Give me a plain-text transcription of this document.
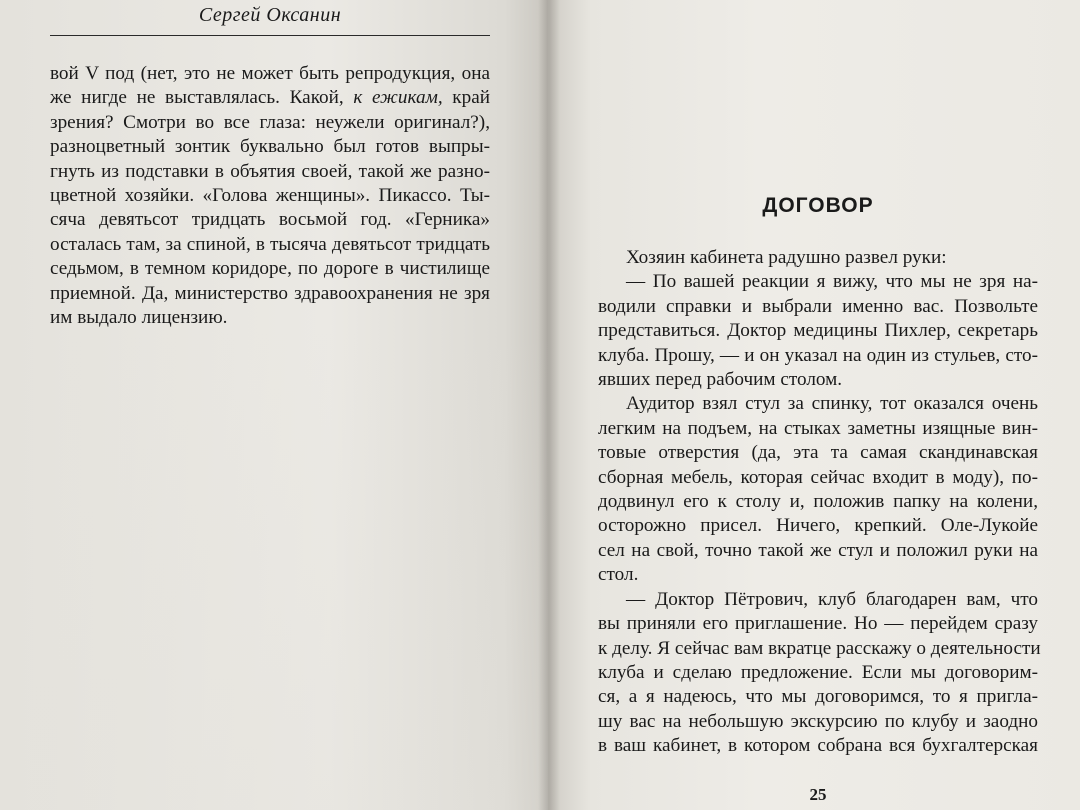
Сергей Оксанин
вой V под (нет, это не может быть репродукция, она
же нигде не выставлялась. Какой, к ежикам, край
зрения? Смотри во все глаза: неужели оригинал?),
разноцветный зонтик буквально был готов выпры-
гнуть из подставки в объятия своей, такой же разно-
цветной хозяйки. «Голова женщины». Пикассо. Ты-
сяча девятьсот тридцать восьмой год. «Герника»
осталась там, за спиной, в тысяча девятьсот тридцать
седьмом, в темном коридоре, по дороге в чистилище
приемной. Да, министерство здравоохранения не зря
им выдало лицензию.
ДОГОВОР
Хозяин кабинета радушно развел руки:
— По вашей реакции я вижу, что мы не зря на-
водили справки и выбрали именно вас. Позвольте
представиться. Доктор медицины Пихлер, секретарь
клуба. Прошу, — и он указал на один из стульев, сто-
явших перед рабочим столом.
Аудитор взял стул за спинку, тот оказался очень
легким на подъем, на стыках заметны изящные вин-
товые отверстия (да, эта та самая скандинавская
сборная мебель, которая сейчас входит в моду), по-
додвинул его к столу и, положив папку на колени,
осторожно присел. Ничего, крепкий. Оле-Лукойе
сел на свой, точно такой же стул и положил руки на
стол.
— Доктор Пётрович, клуб благодарен вам, что
вы приняли его приглашение. Но — перейдем сразу
к делу. Я сейчас вам вкратце расскажу о деятельности
клуба и сделаю предложение. Если мы договорим-
ся, а я надеюсь, что мы договоримся, то я пригла-
шу вас на небольшую экскурсию по клубу и заодно
в ваш кабинет, в котором собрана вся бухгалтерская
25
